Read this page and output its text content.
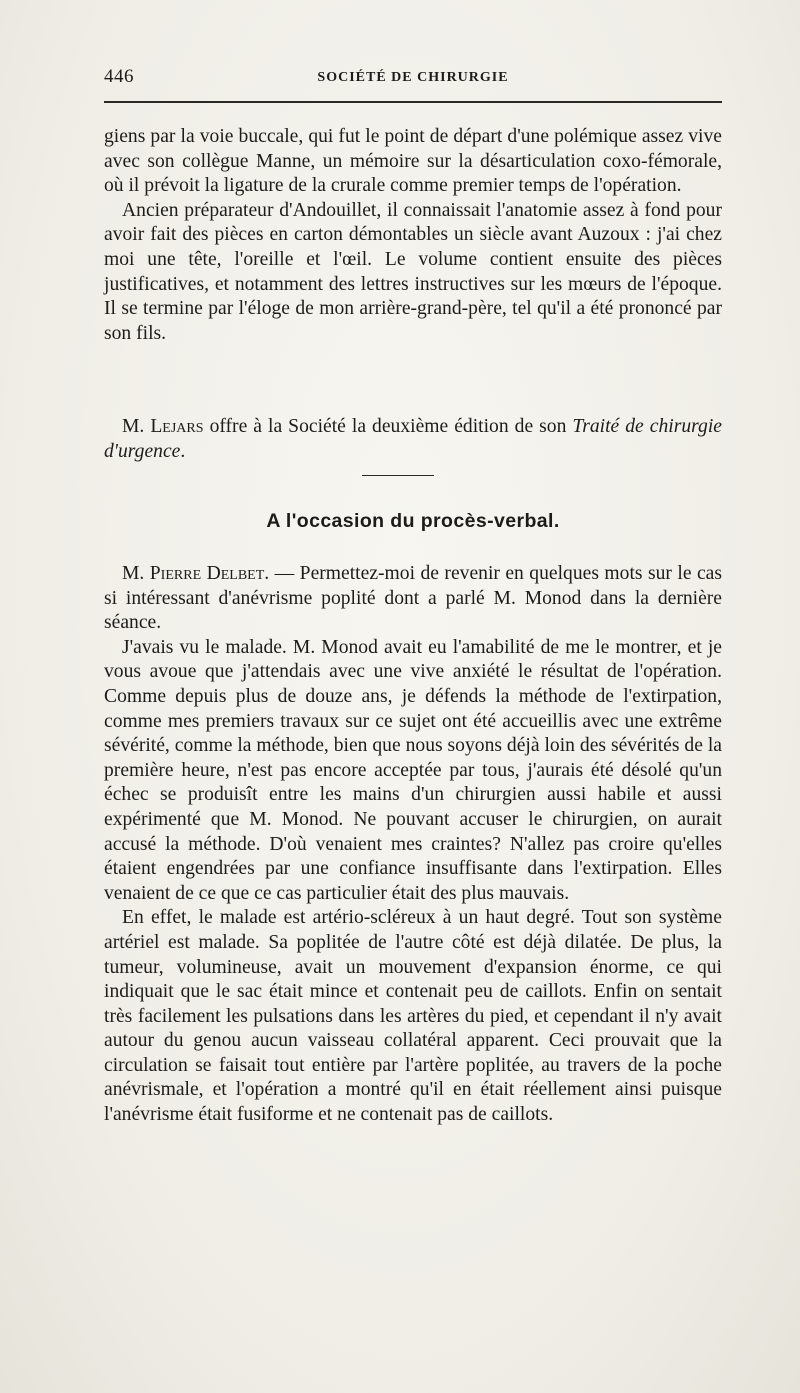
446	SOCIÉTÉ DE CHIRURGIE

giens par la voie buccale, qui fut le point de départ d'une polémique assez vive avec son collègue Manne, un mémoire sur la désarticulation coxo-fémorale, où il prévoit la ligature de la crurale comme premier temps de l'opération.

Ancien préparateur d'Andouillet, il connaissait l'anatomie assez à fond pour avoir fait des pièces en carton démontables un siècle avant Auzoux : j'ai chez moi une tête, l'oreille et l'œil. Le volume contient ensuite des pièces justificatives, et notamment des lettres instructives sur les mœurs de l'époque. Il se termine par l'éloge de mon arrière-grand-père, tel qu'il a été prononcé par son fils.

M. Lejars offre à la Société la deuxième édition de son Traité de chirurgie d'urgence.

A l'occasion du procès-verbal.

M. Pierre Delbet. — Permettez-moi de revenir en quelques mots sur le cas si intéressant d'anévrisme poplité dont a parlé M. Monod dans la dernière séance.

J'avais vu le malade. M. Monod avait eu l'amabilité de me le montrer, et je vous avoue que j'attendais avec une vive anxiété le résultat de l'opération. Comme depuis plus de douze ans, je défends la méthode de l'extirpation, comme mes premiers travaux sur ce sujet ont été accueillis avec une extrême sévérité, comme la méthode, bien que nous soyons déjà loin des sévérités de la première heure, n'est pas encore acceptée par tous, j'aurais été désolé qu'un échec se produisît entre les mains d'un chirurgien aussi habile et aussi expérimenté que M. Monod. Ne pouvant accuser le chirurgien, on aurait accusé la méthode. D'où venaient mes craintes? N'allez pas croire qu'elles étaient engendrées par une confiance insuffisante dans l'extirpation. Elles venaient de ce que ce cas particulier était des plus mauvais.

En effet, le malade est artério-scléreux à un haut degré. Tout son système artériel est malade. Sa poplitée de l'autre côté est déjà dilatée. De plus, la tumeur, volumineuse, avait un mouvement d'expansion énorme, ce qui indiquait que le sac était mince et contenait peu de caillots. Enfin on sentait très facilement les pulsations dans les artères du pied, et cependant il n'y avait autour du genou aucun vaisseau collatéral apparent. Ceci prouvait que la circulation se faisait tout entière par l'artère poplitée, au travers de la poche anévrismale, et l'opération a montré qu'il en était réellement ainsi puisque l'anévrisme était fusiforme et ne contenait pas de caillots.
